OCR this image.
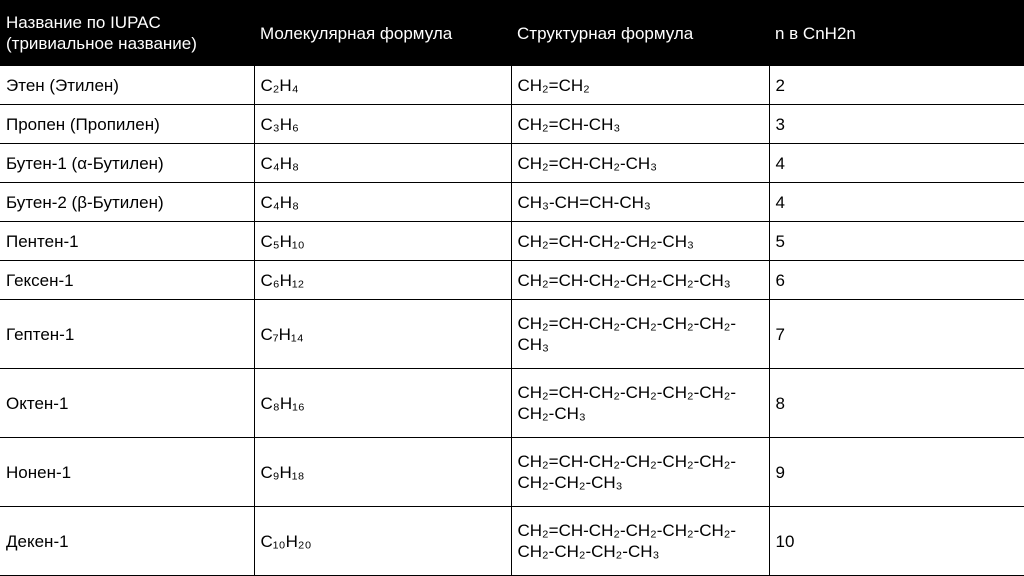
Название по IUPAC
(тривиальное название)	Молекулярная формула	Структурная формула	n в CnH2n
Этен (Этилен)	C₂H₄	CH₂=CH₂	2
Пропен (Пропилен)	C₃H₆	CH₂=CH-CH₃	3
Бутен-1 (α-Бутилен)	C₄H₈	CH₂=CH-CH₂-CH₃	4
Бутен-2 (β-Бутилен)	C₄H₈	CH₃-CH=CH-CH₃	4
Пентен-1	C₅H₁₀	CH₂=CH-CH₂-CH₂-CH₃	5
Гексен-1	C₆H₁₂	CH₂=CH-CH₂-CH₂-CH₂-CH₃	6
Гептен-1	C₇H₁₄	CH₂=CH-CH₂-CH₂-CH₂-CH₂-
CH₃	7
Октен-1	C₈H₁₆	CH₂=CH-CH₂-CH₂-CH₂-CH₂-
CH₂-CH₃	8
Нонен-1	C₉H₁₈	CH₂=CH-CH₂-CH₂-CH₂-CH₂-
CH₂-CH₂-CH₃	9
Декен-1	C₁₀H₂₀	CH₂=CH-CH₂-CH₂-CH₂-CH₂-
CH₂-CH₂-CH₂-CH₃	10
